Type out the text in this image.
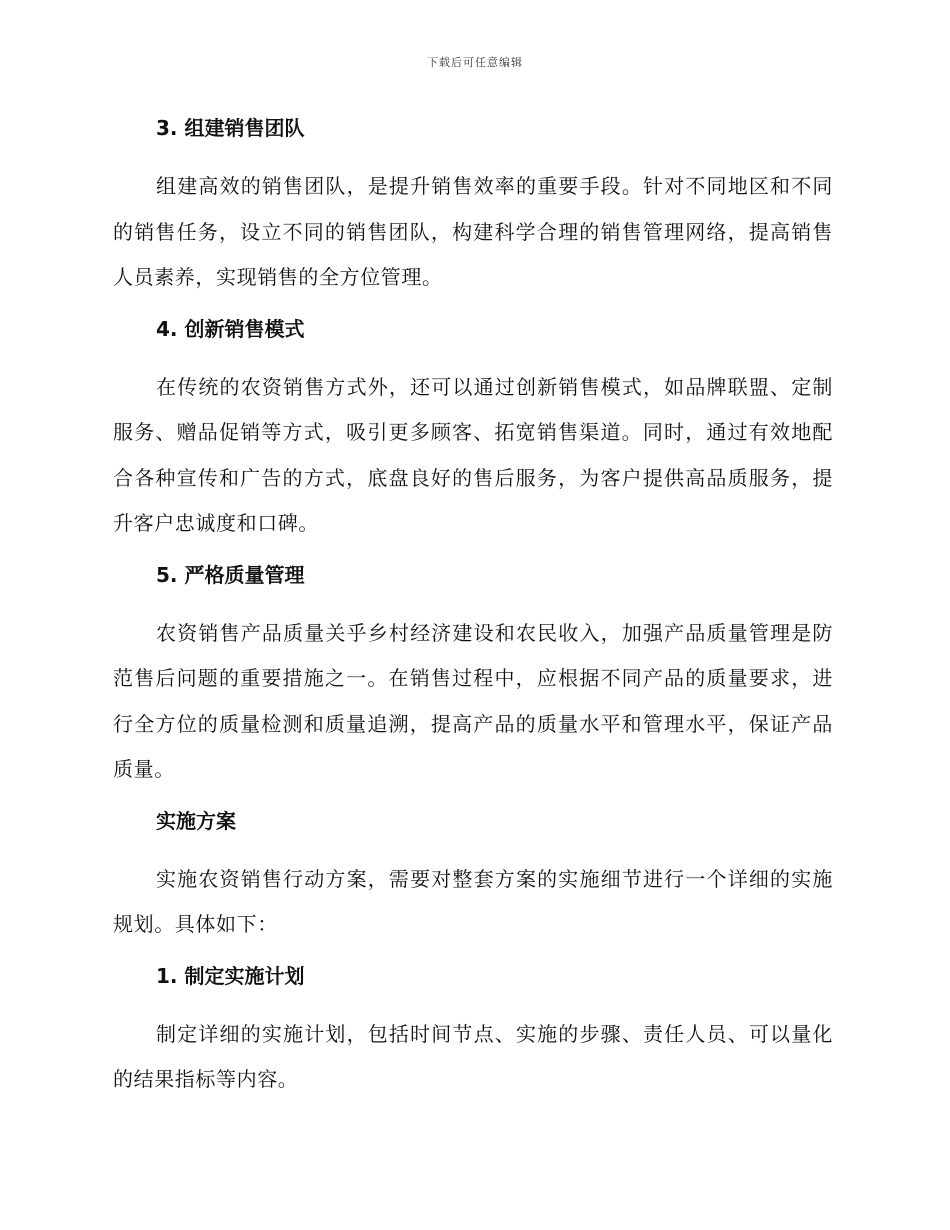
下载后可任意编辑
3. 组建销售团队

组建高效的销售团队，是提升销售效率的重要手段。针对不同地区和不同的销售任务，设立不同的销售团队，构建科学合理的销售管理网络，提高销售人员素养，实现销售的全方位管理。

4. 创新销售模式

在传统的农资销售方式外，还可以通过创新销售模式，如品牌联盟、定制服务、赠品促销等方式，吸引更多顾客、拓宽销售渠道。同时，通过有效地配合各种宣传和广告的方式，底盘良好的售后服务，为客户提供高品质服务，提升客户忠诚度和口碑。

5. 严格质量管理

农资销售产品质量关乎乡村经济建设和农民收入，加强产品质量管理是防范售后问题的重要措施之一。在销售过程中，应根据不同产品的质量要求，进行全方位的质量检测和质量追溯，提高产品的质量水平和管理水平，保证产品质量。

实施方案

实施农资销售行动方案，需要对整套方案的实施细节进行一个详细的实施规划。具体如下：

1. 制定实施计划

制定详细的实施计划，包括时间节点、实施的步骤、责任人员、可以量化的结果指标等内容。
